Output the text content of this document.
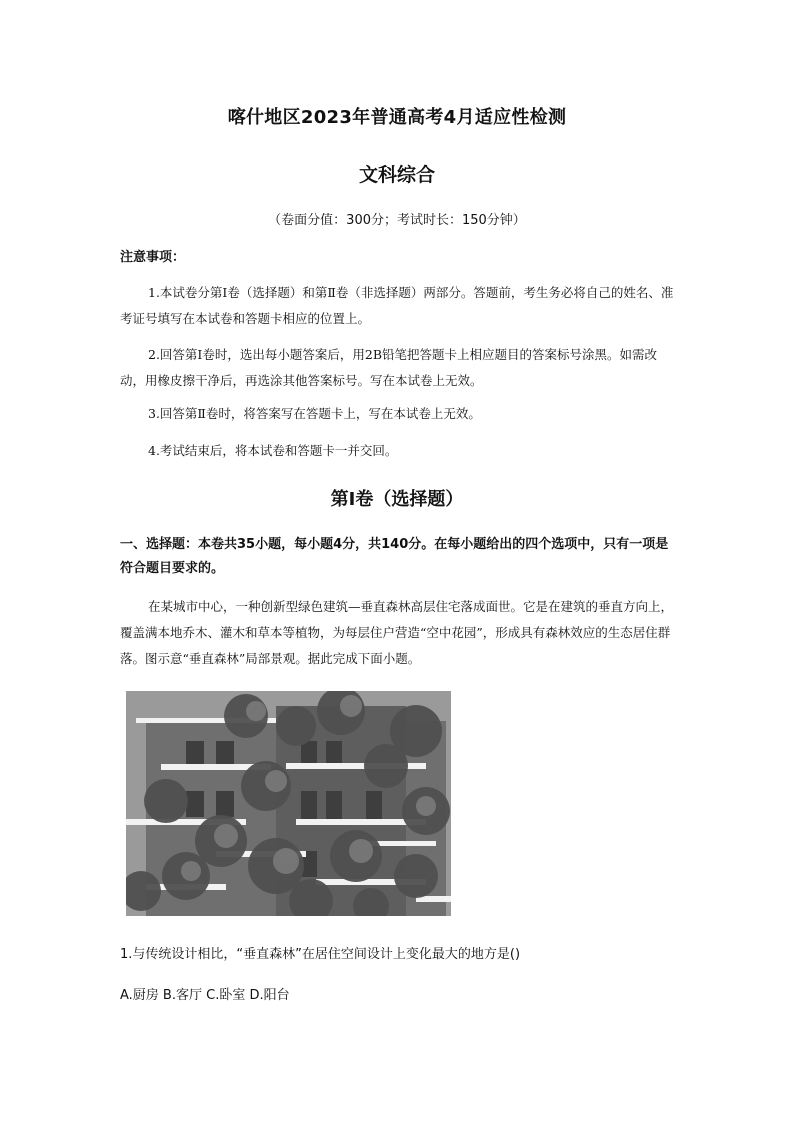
喀什地区2023年普通高考4月适应性检测
文科综合
（卷面分值：300分；考试时长：150分钟）
注意事项：

1.本试卷分第Ⅰ卷（选择题）和第Ⅱ卷（非选择题）两部分。答题前，考生务必将自己的姓名、准考证号填写在本试卷和答题卡相应的位置上。

2.回答第Ⅰ卷时，选出每小题答案后，用2B铅笔把答题卡上相应题目的答案标号涂黑。如需改动，用橡皮擦干净后，再选涂其他答案标号。写在本试卷上无效。

3.回答第Ⅱ卷时，将答案写在答题卡上，写在本试卷上无效。

4.考试结束后，将本试卷和答题卡一并交回。

第Ⅰ卷（选择题）

一、选择题：本卷共35小题，每小题4分，共140分。在每小题给出的四个选项中，只有一项是符合题目要求的。

在某城市中心，一种创新型绿色建筑—垂直森林高层住宅落成面世。它是在建筑的垂直方向上，覆盖满本地乔木、灌木和草本等植物，为每层住户营造“空中花园”，形成具有森林效应的生态居住群落。图示意“垂直森林”局部景观。据此完成下面小题。

1.与传统设计相比，“垂直森林”在居住空间设计上变化最大的地方是()
A.厨房 B.客厅 C.卧室 D.阳台
